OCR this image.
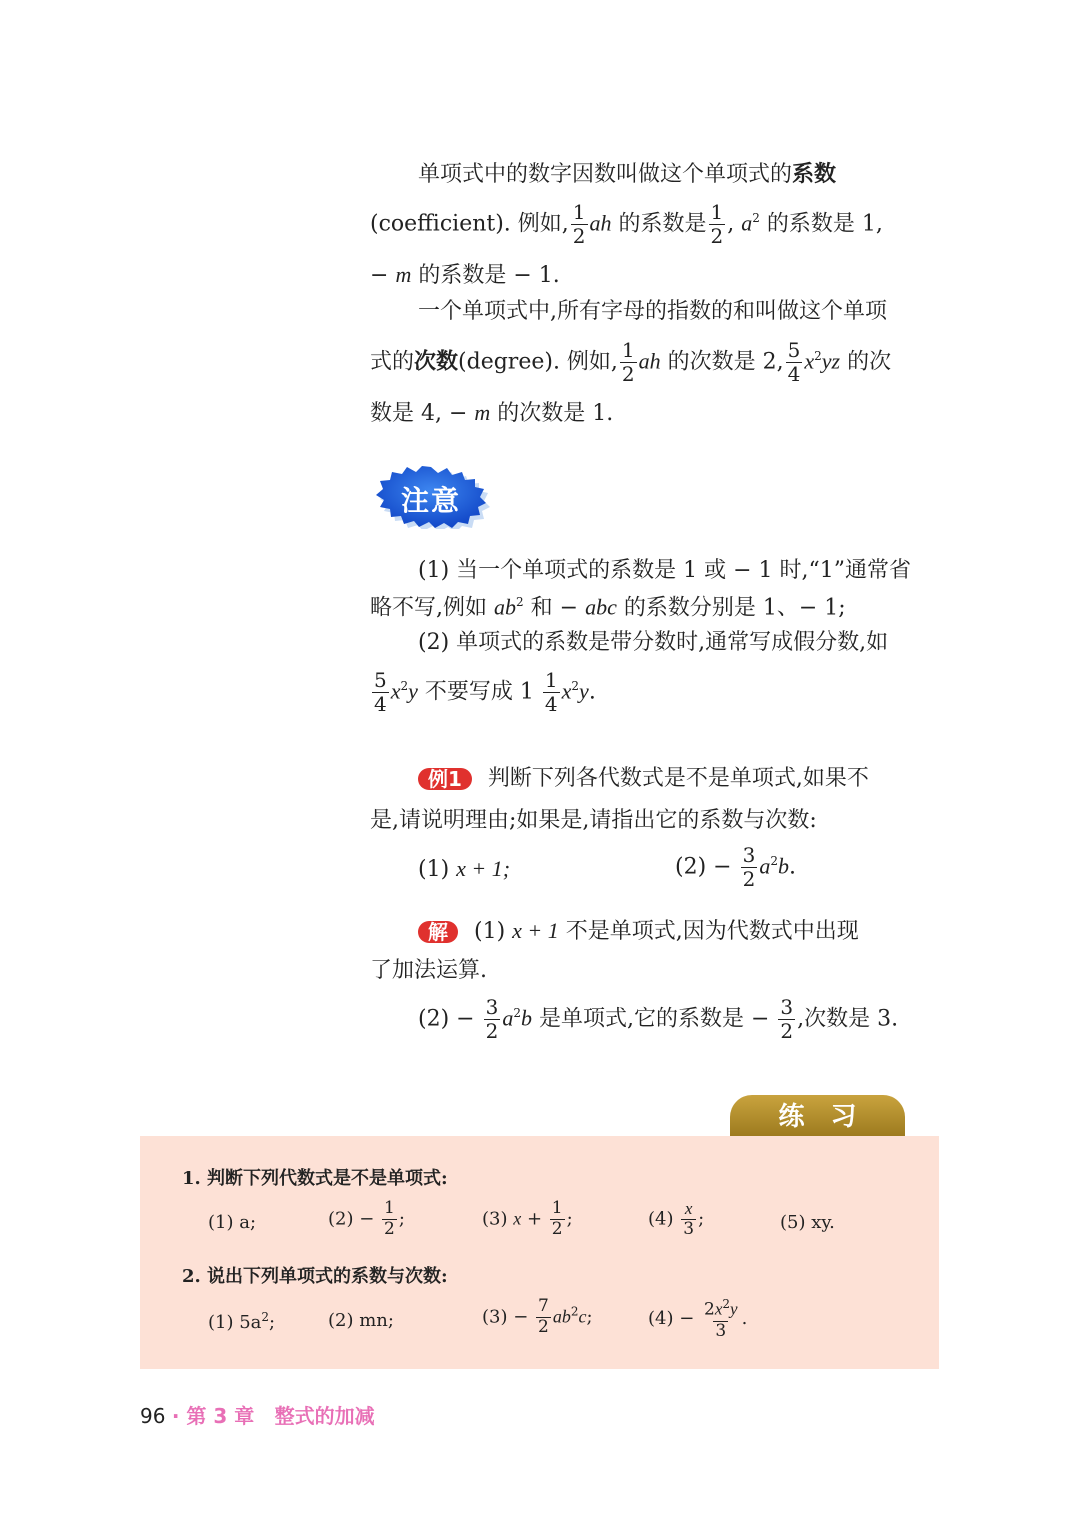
单项式中的数字因数叫做这个单项式的系数
(coefficient). 例如, $\frac{1}{2}$ ah 的系数是 $\frac{1}{2}$ , $a^2$ 的系数是 1,
− m 的系数是 − 1.
一个单项式中,所有字母的指数的和叫做这个单项
式的次数(degree). 例如, $\frac{1}{2}$ ah 的次数是 2, $\frac{5}{4} x^2yz$ 的次
数是 4, − m 的次数是 1.
注意
(1) 当一个单项式的系数是 1 或 − 1 时,“1”通常省
略不写,例如 $ab^2$ 和 − abc 的系数分别是 1、− 1;
(2) 单项式的系数是带分数时,通常写成假分数,如
$\frac{5}{4} x^2y$ 不要写成 $1 \frac{1}{4} x^2y$.
例1 判断下列各代数式是不是单项式,如果不
是,请说明理由;如果是,请指出它的系数与次数:
(1) x + 1;	$(2) - \frac{3}{2} a^2b$.
解 (1) x + 1 不是单项式,因为代数式中出现
了加法运算.
$(2) - \frac{3}{2} a^2b$ 是单项式,它的系数是 − $\frac{3}{2}$ ,次数是 3.
练习
1. 判断下列代数式是不是单项式:
(1) a;	$(2) - \frac{1}{2}$ ;	(3) $x + \frac{1}{2}$ ;	$(4) \frac{x}{3}$ ;	(5) xy.
2. 说出下列单项式的系数与次数:
(1) $5a^2$;	(2) mn;	$(3) - \frac{7}{2} ab^2c$;	$(4) - \frac{2x^2y}{3}$ .
96 · 第 3 章 整式的加减
